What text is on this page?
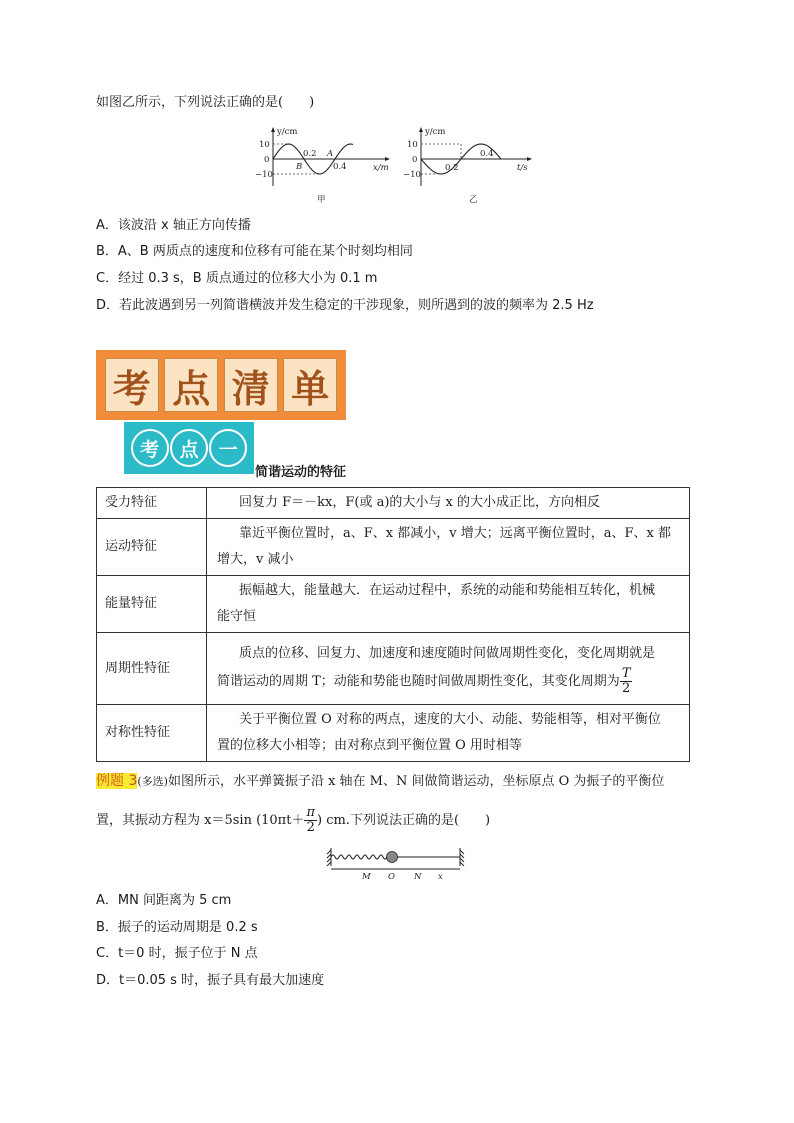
如图乙所示，下列说法正确的是(　　)
y/cm
10
0
−10
0.2
0.4
A
B	x/m
甲
y/cm
10
0
−10
0.2
0.4
t/s
乙
A．该波沿 x 轴正方向传播
B．A、B 两质点的速度和位移有可能在某个时刻均相同
C．经过 0.3 s，B 质点通过的位移大小为 0.1 m
D．若此波遇到另一列简谐横波并发生稳定的干涉现象，则所遇到的波的频率为 2.5 Hz
考 点 清 单
考	点	一
简谐运动的特征
受力特征	回复力 F＝－kx，F(或 a)的大小与 x 的大小成正比，方向相反
运动特征	靠近平衡位置时，a、F、x 都减小，v 增大；远离平衡位置时，a、F、x 都
增大，v 减小

能量特征	振幅越大，能量越大．在运动过程中，系统的动能和势能相互转化，机械
能守恒

周期性特征	质点的位移、回复力、加速度和速度随时间做周期性变化，变化周期就是
简谐运动的周期 T；动能和势能也随时间做周期性变化，其变化周期为 $\frac{T}{2}$

对称性特征	关于平衡位置 O 对称的两点，速度的大小、动能、势能相等，相对平衡位
置的位移大小相等；由对称点到平衡位置 O 用时相等
例题 3(多选)如图所示，水平弹簧振子沿 x 轴在 M、N 间做简谐运动，坐标原点 O 为振子的平衡位
置，其振动方程为 x＝5sin ($10\pi t+ \frac{\pi}{2}$ ) cm.下列说法正确的是(　　)
M O N x
A．MN 间距离为 5 cm
B．振子的运动周期是 0.2 s
C．t＝0 时，振子位于 N 点
D．t＝0.05 s 时，振子具有最大加速度
